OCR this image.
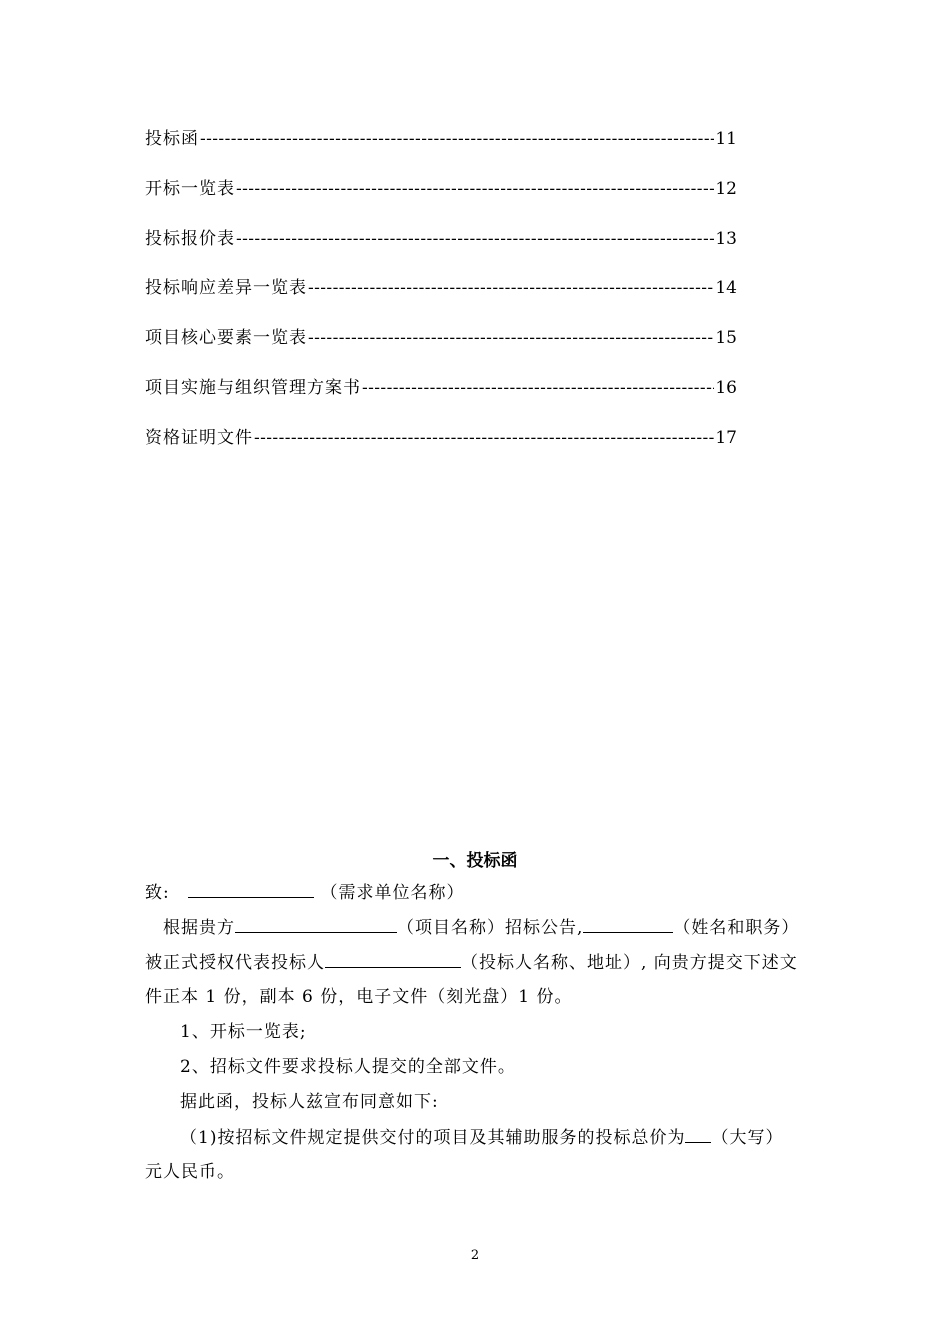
投标函 -----	11
开标一览表 -----	12
投标报价表 -----	13
投标响应差异一览表 -----	14
项目核心要素一览表 -----	15
项目实施与组织管理方案书 -----	16
资格证明文件 -----	17
一、投标函
致:	（需求单位名称）
根据贵方	（项目名称）招标公告,	（姓名和职务）
被正式授权代表投标人	（投标人名称、地址）, 向贵方提交下述文
件正本 1 份，副本 6 份，电子文件（刻光盘）1 份。
1、开标一览表;
2、招标文件要求投标人提交的全部文件。
据此函，投标人兹宣布同意如下:
（1)按招标文件规定提供交付的项目及其辅助服务的投标总价为 （大写）
元人民币。
2
